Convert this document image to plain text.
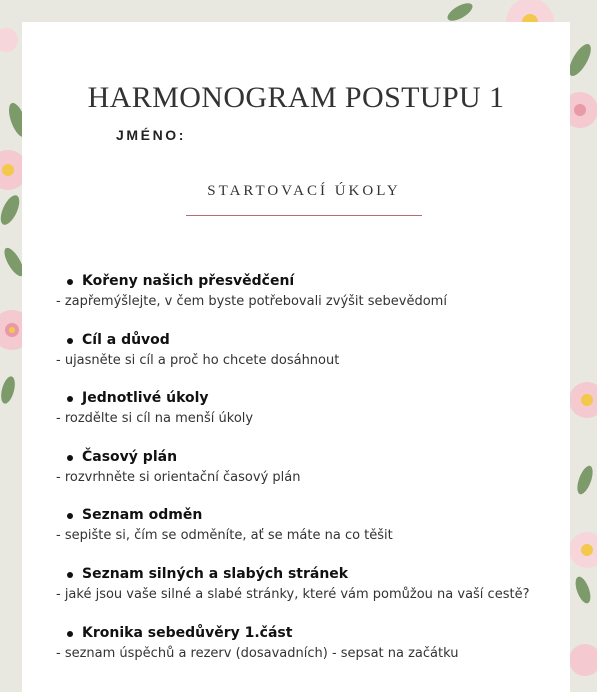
HARMONOGRAM POSTUPU 1
JMÉNO:
STARTOVACÍ ÚKOLY
Kořeny našich přesvědčení
- zapřemýšlejte, v čem byste potřebovali zvýšit sebevědomí
Cíl a důvod
- ujasněte si cíl a proč ho chcete dosáhnout
Jednotlivé úkoly
- rozdělte si cíl na menší úkoly
Časový plán
- rozvrhněte si orientační časový plán
Seznam odměn
- sepište si, čím se odměníte, ať se máte na co těšit
Seznam silných a slabých stránek
- jaké jsou vaše silné a slabé stránky, které vám pomůžou na vaší cestě?
Kronika sebedůvěry 1.část
- seznam úspěchů a rezerv (dosavadních) - sepsat na začátku
